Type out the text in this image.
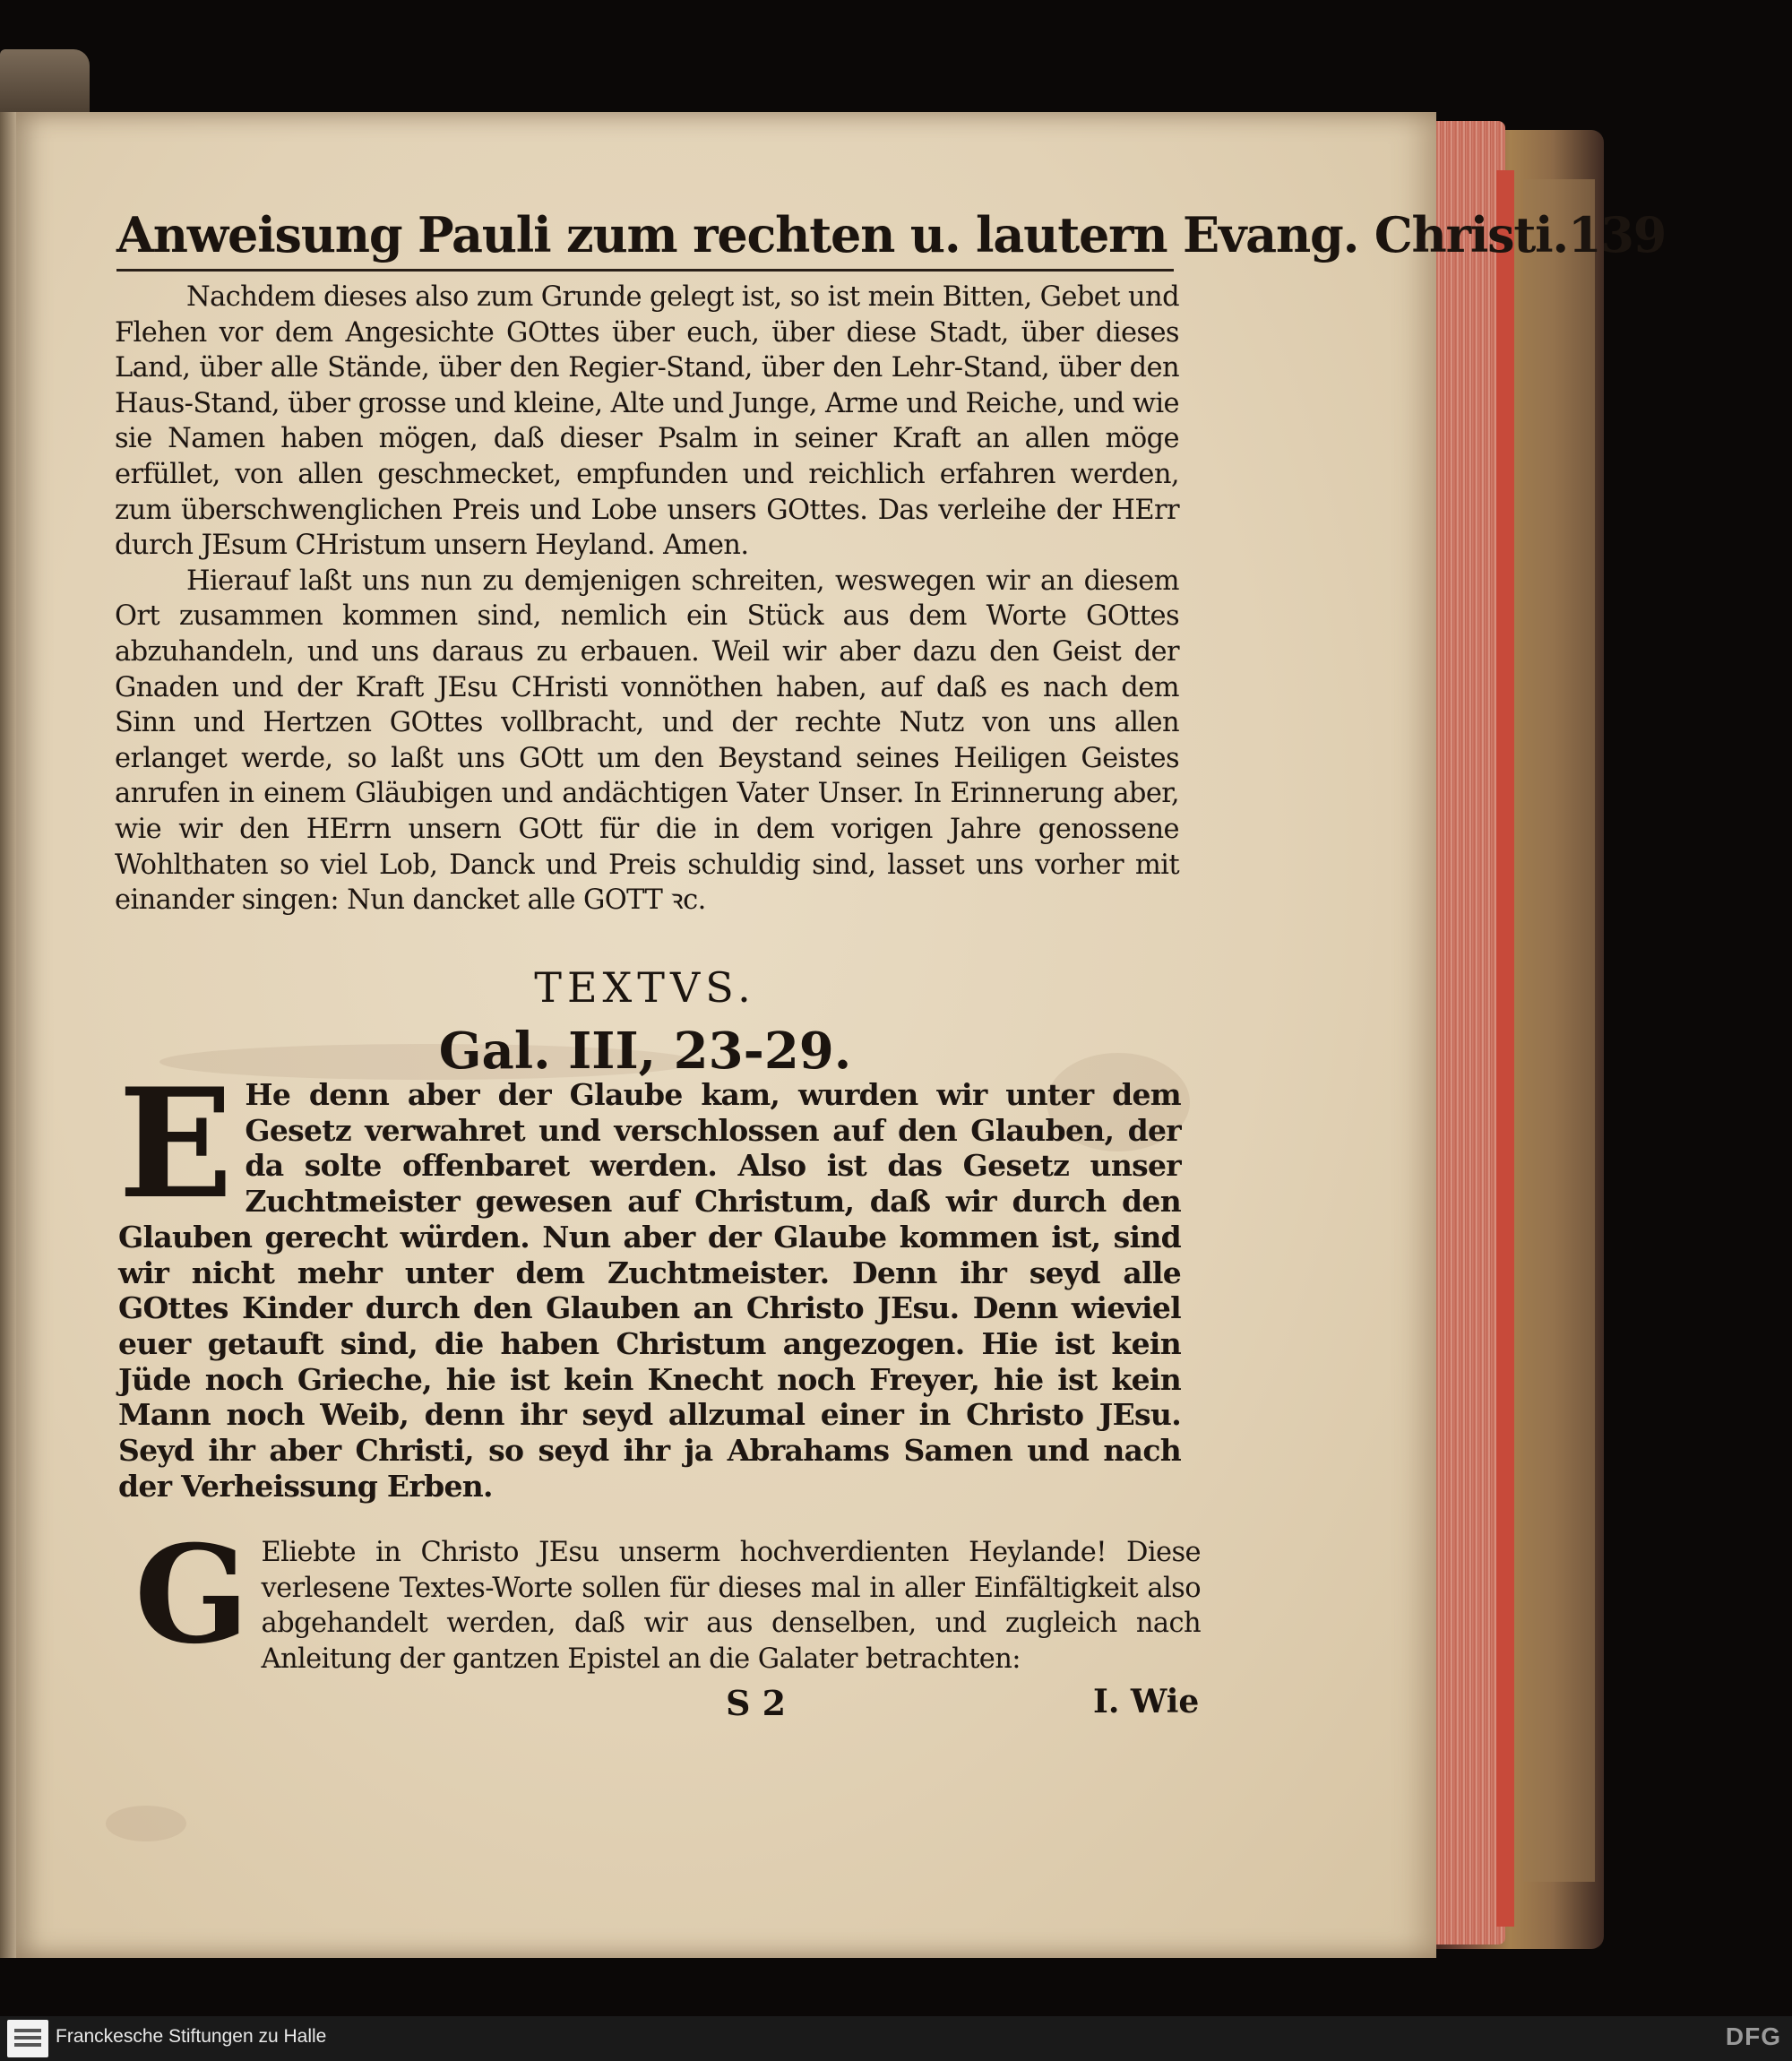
Anweisung Pauli zum rechten u. lautern Evang. Christi. 139

Nachdem dieses also zum Grunde gelegt ist, so ist mein Bitten, Gebet und Flehen vor dem Angesichte GOttes über euch, über diese Stadt, über dieses Land, über alle Stände, über den Regier-Stand, über den Lehr-Stand, über den Haus-Stand, über grosse und kleine, Alte und Junge, Arme und Reiche, und wie sie Namen haben mögen, daß dieser Psalm in seiner Kraft an allen möge erfüllet, von allen geschmecket, empfunden und reichlich erfahren werden, zum überschwenglichen Preis und Lobe unsers GOttes. Das verleihe der HErr durch JEsum CHristum unsern Heyland. Amen.

Hierauf laßt uns nun zu demjenigen schreiten, weswegen wir an diesem Ort zusammen kommen sind, nemlich ein Stück aus dem Worte GOttes abzuhandeln, und uns daraus zu erbauen. Weil wir aber dazu den Geist der Gnaden und der Kraft JEsu CHristi vonnöthen haben, auf daß es nach dem Sinn und Hertzen GOttes vollbracht, und der rechte Nutz von uns allen erlanget werde, so laßt uns GOtt um den Beystand seines Heiligen Geistes anrufen in einem Gläubigen und andächtigen Vater Unser. In Erinnerung aber, wie wir den HErrn unsern GOtt für die in dem vorigen Jahre genossene Wohlthaten so viel Lob, Danck und Preis schuldig sind, lasset uns vorher mit einander singen: Nun dancket alle GOTT ꝛc.

TEXTVS.
Gal. III, 23-29.
E He denn aber der Glaube kam, wurden wir unter dem Gesetz verwahret und verschlossen auf den Glauben, der da solte offenbaret werden. Also ist das Gesetz unser Zuchtmeister gewesen auf Christum, daß wir durch den Glauben gerecht würden. Nun aber der Glaube kommen ist, sind wir nicht mehr unter dem Zuchtmeister. Denn ihr seyd alle GOttes Kinder durch den Glauben an Christo JEsu. Denn wieviel euer getauft sind, die haben Christum angezogen. Hie ist kein Jüde noch Grieche, hie ist kein Knecht noch Freyer, hie ist kein Mann noch Weib, denn ihr seyd allzumal einer in Christo JEsu. Seyd ihr aber Christi, so seyd ihr ja Abrahams Samen und nach der Verheissung Erben.
G Eliebte in Christo JEsu unserm hochverdienten Heylande! Diese verlesene Textes-Worte sollen für dieses mal in aller Einfältigkeit also abgehandelt werden, daß wir aus denselben, und zugleich nach Anleitung der gantzen Epistel an die Galater betrachten:
S 2	I. Wie
Franckesche Stiftungen zu Halle	DFG
